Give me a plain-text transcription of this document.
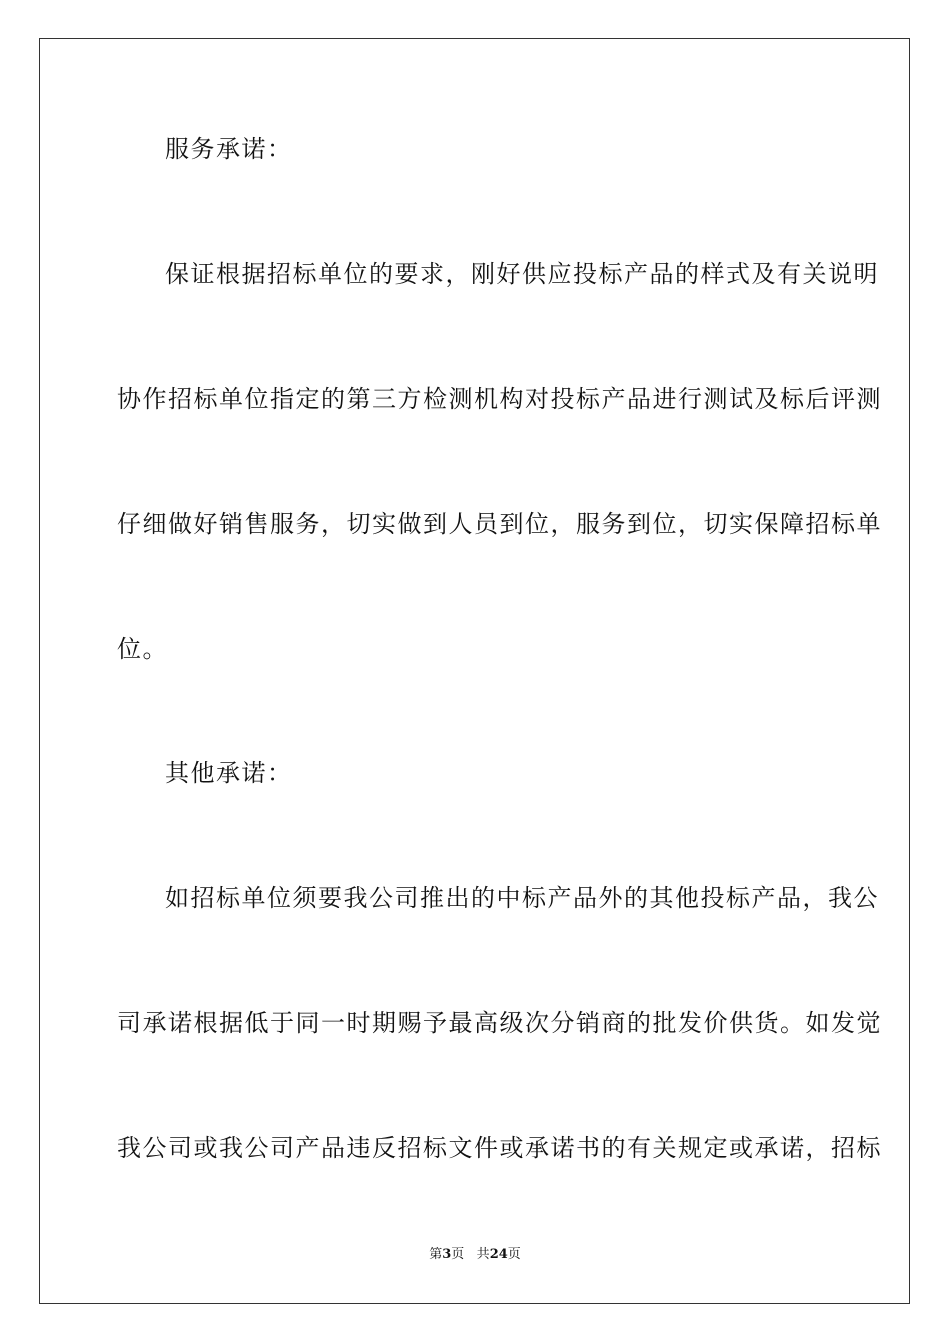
服务承诺：
保证根据招标单位的要求，刚好供应投标产品的样式及有关说明
协作招标单位指定的第三方检测机构对投标产品进行测试及标后评测
仔细做好销售服务，切实做到人员到位，服务到位，切实保障招标单
位。
其他承诺：
如招标单位须要我公司推出的中标产品外的其他投标产品，我公
司承诺根据低于同一时期赐予最高级次分销商的批发价供货。如发觉
我公司或我公司产品违反招标文件或承诺书的有关规定或承诺，招标
第3页 共24页
